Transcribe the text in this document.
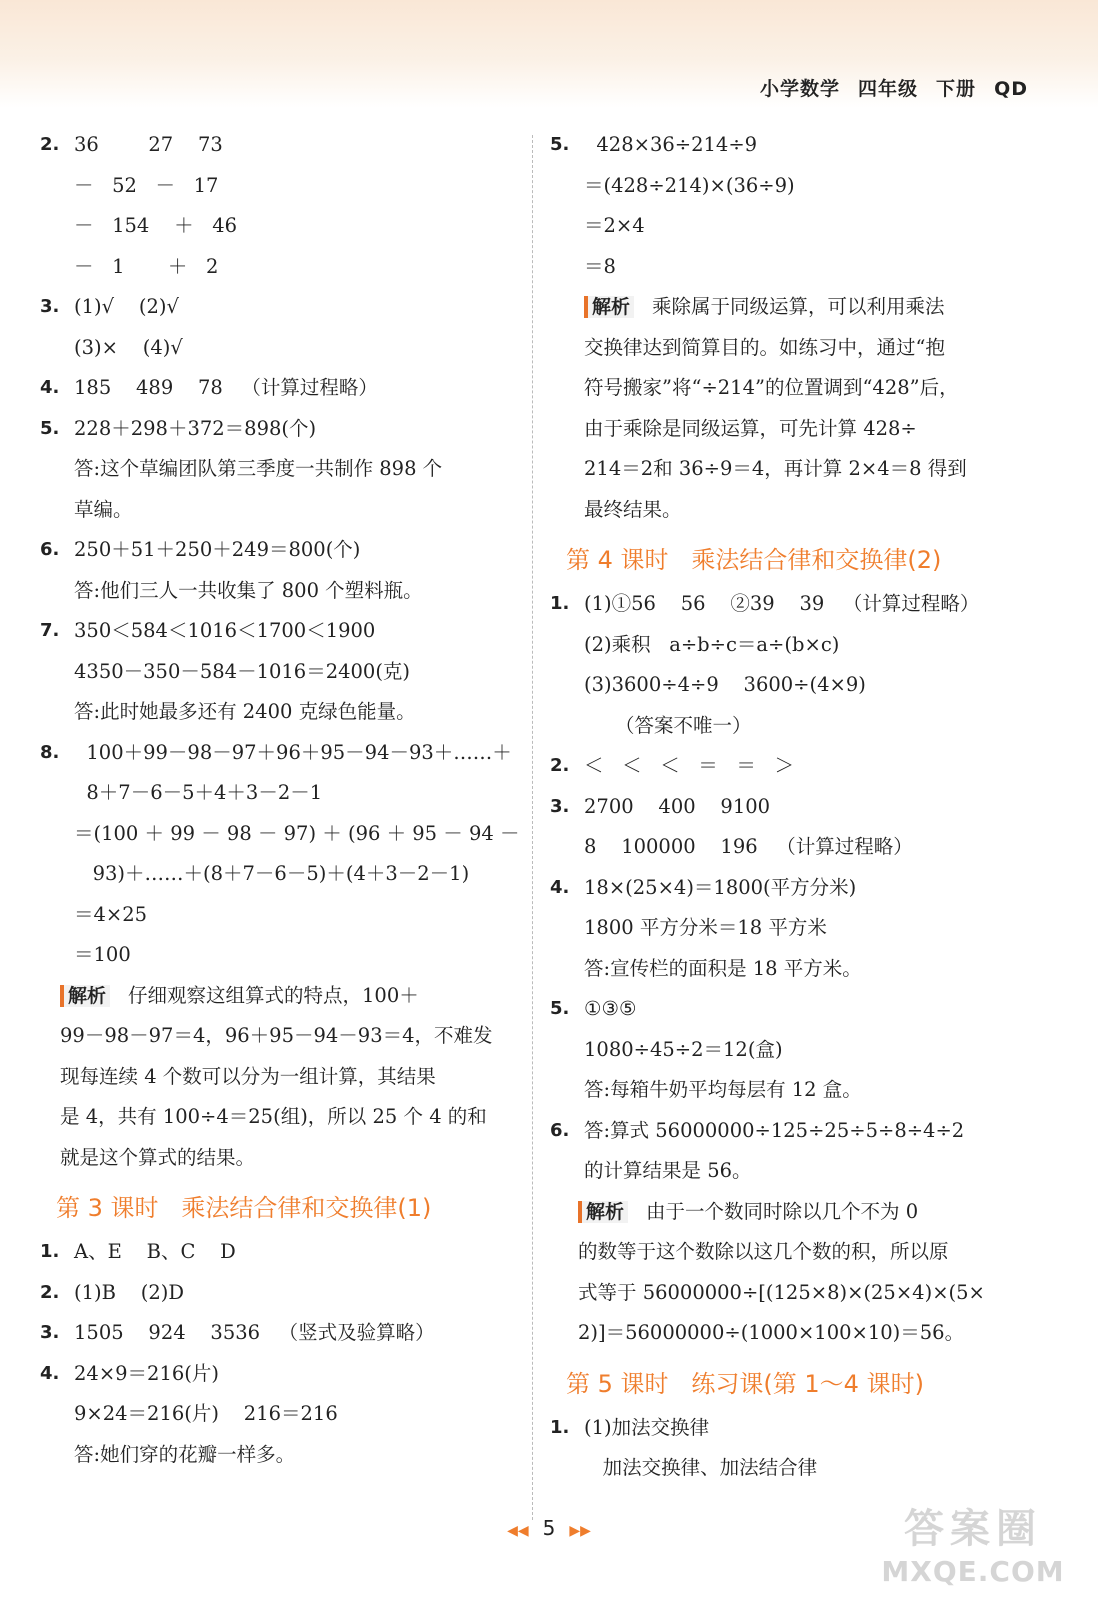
小学数学 四年级 下册 QD
2. 36        27    73
－   52   －   17
－   154    ＋   46
－   1       ＋   2
3. (1)√    (2)√
(3)×    (4)√
4. 185    489    78   （计算过程略）
5. 228＋298＋372＝898(个)
答:这个草编团队第三季度一共制作 898 个
草编。
6. 250＋51＋250＋249＝800(个)
答:他们三人一共收集了 800 个塑料瓶。
7. 350＜584＜1016＜1700＜1900
4350－350－584－1016＝2400(克)
答:此时她最多还有 2400 克绿色能量。
8. 100＋99－98－97＋96＋95－94－93＋……＋
8＋7－6－5＋4＋3－2－1
＝(100 ＋ 99 － 98 － 97) ＋ (96 ＋ 95 － 94 －
93)＋……＋(8＋7－6－5)＋(4＋3－2－1)
＝4×25
＝100
解析 仔细观察这组算式的特点，100＋
99－98－97＝4，96＋95－94－93＝4，不难发
现每连续 4 个数可以分为一组计算，其结果
是 4，共有 100÷4＝25(组)，所以 25 个 4 的和
就是这个算式的结果。
第 3 课时   乘法结合律和交换律(1)
1. A、E    B、C    D
2. (1)B    (2)D
3. 1505    924    3536   （竖式及验算略）
4. 24×9＝216(片)
9×24＝216(片)    216＝216
答:她们穿的花瓣一样多。
5. 428×36÷214÷9
＝(428÷214)×(36÷9)
＝2×4
＝8
解析 乘除属于同级运算，可以利用乘法
交换律达到简算目的。如练习中，通过“抱
符号搬家”将“÷214”的位置调到“428”后，
由于乘除是同级运算，可先计算 428÷
214＝2和 36÷9＝4，再计算 2×4＝8 得到
最终结果。
第 4 课时   乘法结合律和交换律(2)
1. (1)①56    56    ②39    39   （计算过程略）
(2)乘积   a÷b÷c＝a÷(b×c)
(3)3600÷4÷9    3600÷(4×9)
（答案不唯一）
2. ＜   ＜   ＜   ＝   ＝   ＞
3. 2700    400    9100
8    100000    196   （计算过程略）
4. 18×(25×4)＝1800(平方分米)
1800 平方分米＝18 平方米
答:宣传栏的面积是 18 平方米。
5. ①③⑤
1080÷45÷2＝12(盒)
答:每箱牛奶平均每层有 12 盒。
6. 答:算式 56000000÷125÷25÷5÷8÷4÷2
的计算结果是 56。
解析 由于一个数同时除以几个不为 0
的数等于这个数除以这几个数的积，所以原
式等于 56000000÷[(125×8)×(25×4)×(5×
2)]＝56000000÷(1000×100×10)＝56。
第 5 课时   练习课(第 1～4 课时)
1. (1)加法交换律
加法交换律、加法结合律
◀◀ 5 ▶▶	答案圈
MXQE.COM
